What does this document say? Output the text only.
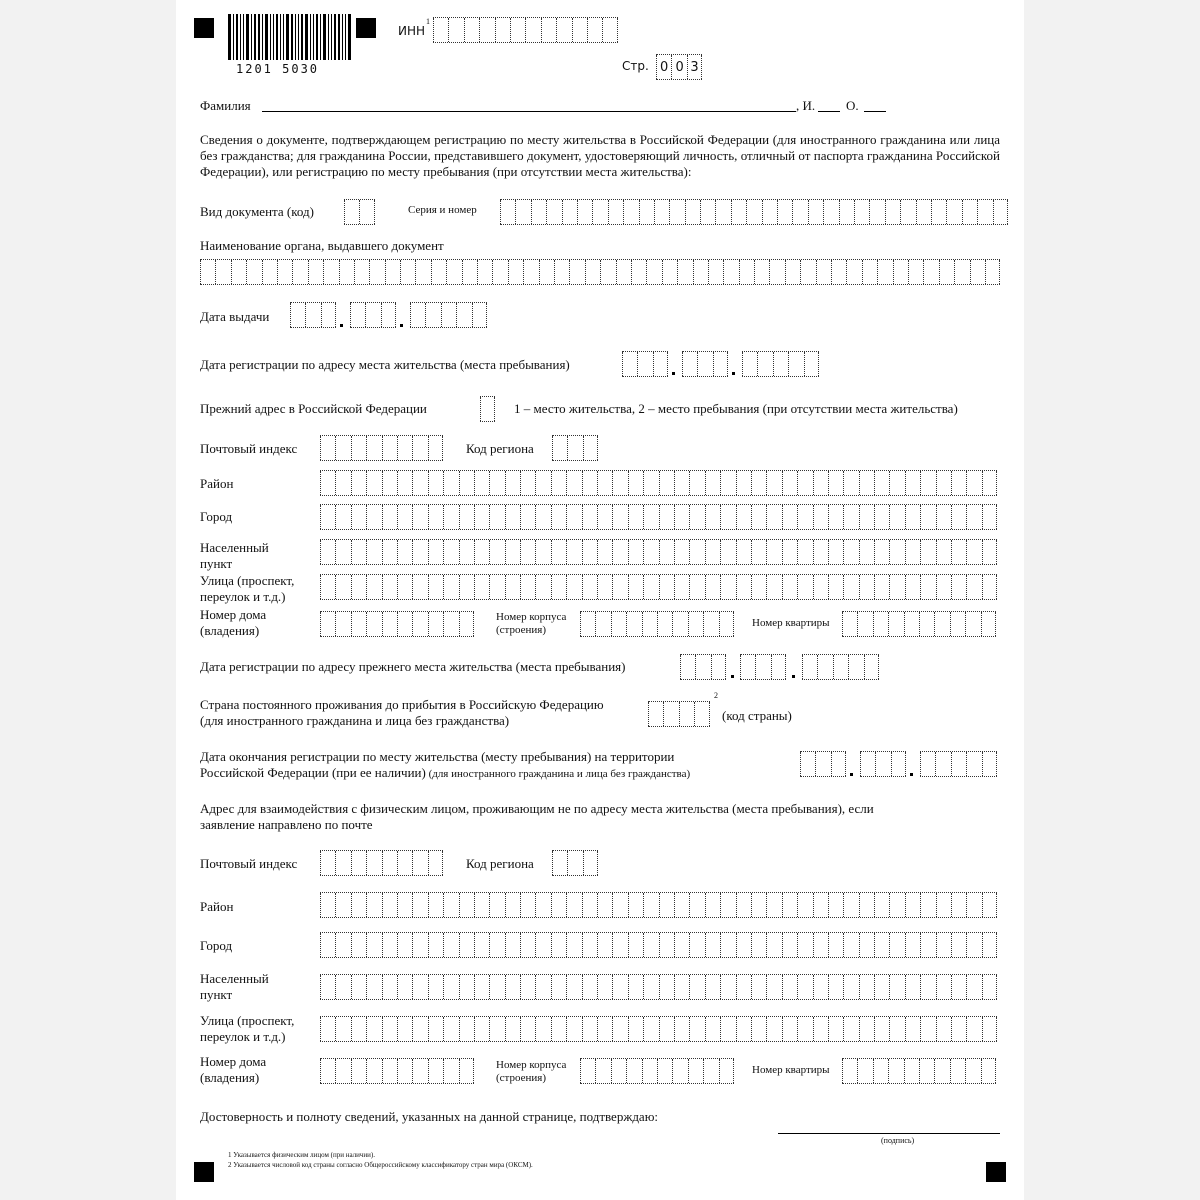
1201 5030
ИНН
1
Стр. 0 0 3
Фамилия	, И. О.
Сведения о документе, подтверждающем регистрацию по месту жительства в Российской Федерации (для иностранного гражданина или лица без гражданства; для гражданина России, представившего документ, удостоверяющий личность, отличный от паспорта гражданина Российской Федерации), или регистрацию по месту пребывания (при отсутствии места жительства):
Вид документа (код)	Серия и номер
Наименование органа, выдавшего документ
Дата выдачи
Дата регистрации по адресу места жительства (места пребывания)
Прежний адрес в Российской Федерации	1 – место жительства, 2 – место пребывания (при отсутствии места жительства)
Почтовый индекс	Код региона
Район
Город
Населенный пункт
Улица (проспект, переулок и т.д.)
Номер дома (владения)
Номер корпуса (строения)
Номер квартиры
Дата регистрации по адресу прежнего места жительства (места пребывания)
Страна постоянного проживания до прибытия в Российскую Федерацию
(для иностранного гражданина и лица без гражданства)
2
(код страны)
Дата окончания регистрации по месту жительства (месту пребывания) на территории
Российской Федерации (при ее наличии) (для иностранного гражданина и лица без гражданства)
Адрес для взаимодействия с физическим лицом, проживающим не по адресу места жительства (места пребывания), если заявление направлено по почте
Почтовый индекс	Код региона
Район
Город
Населенный пункт
Улица (проспект, переулок и т.д.)
Номер дома (владения)
Номер корпуса (строения)
Номер квартиры
Достоверность и полноту сведений, указанных на данной странице, подтверждаю:
(подпись)
1 Указывается физическим лицом (при наличии).
2 Указывается числовой код страны согласно Общероссийскому классификатору стран мира (ОКСМ).
